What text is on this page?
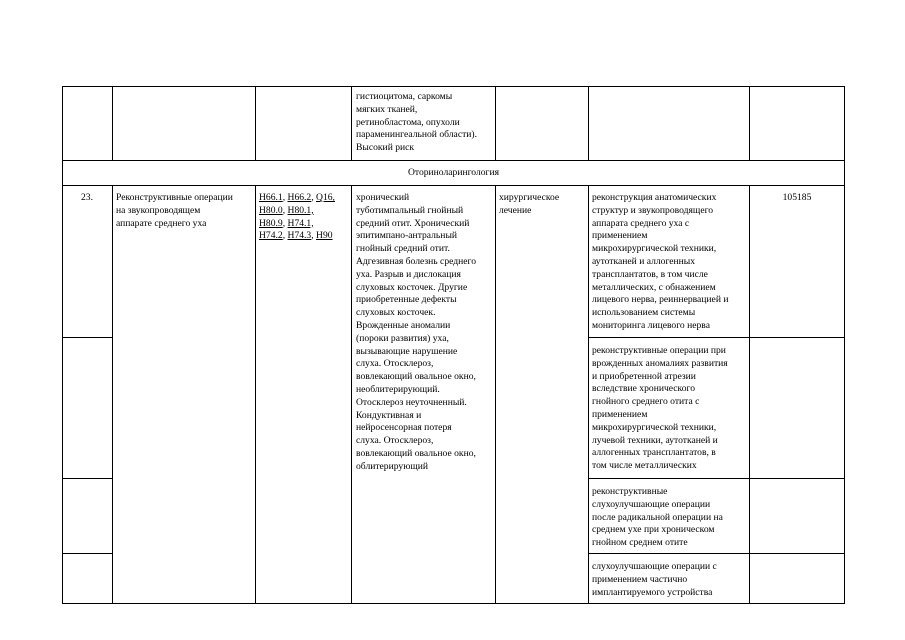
гистиоцитома, саркомы
мягких тканей,
ретинобластома, опухоли
параменингеальной области).
Высокий риск
Оториноларингология
23.	Реконструктивные операции
на звукопроводящем
аппарате среднего уха
H66.1, H66.2, Q16,
H80.0, H80.1,
H80.9, H74.1,
H74.2, H74.3, H90
хронический
туботимпальный гнойный
средний отит. Хронический
эпитимпано-антральный
гнойный средний отит.
Адгезивная болезнь среднего
уха. Разрыв и дислокация
слуховых косточек. Другие
приобретенные дефекты
слуховых косточек.
Врожденные аномалии
(пороки развития) уха,
вызывающие нарушение
слуха. Отосклероз,
вовлекающий овальное окно,
необлитерирующий.
Отосклероз неуточненный.
Кондуктивная и
нейросенсорная потеря
слуха. Отосклероз,
вовлекающий овальное окно,
облитерирующий
хирургическое
лечение
105185
реконструкция анатомических
структур и звукопроводящего
аппарата среднего уха с
применением
микрохирургической техники,
аутотканей и аллогенных
трансплантатов, в том числе
металлических, с обнажением
лицевого нерва, реиннервацией и
использованием системы
мониторинга лицевого нерва
реконструктивные операции при
врожденных аномалиях развития
и приобретенной атрезии
вследствие хронического
гнойного среднего отита с
применением
микрохирургической техники,
лучевой техники, аутотканей и
аллогенных трансплантатов, в
том числе металлических
реконструктивные
слухоулучшающие операции
после радикальной операции на
среднем ухе при хроническом
гнойном среднем отите
слухоулучшающие операции с
применением частично
имплантируемого устройства
